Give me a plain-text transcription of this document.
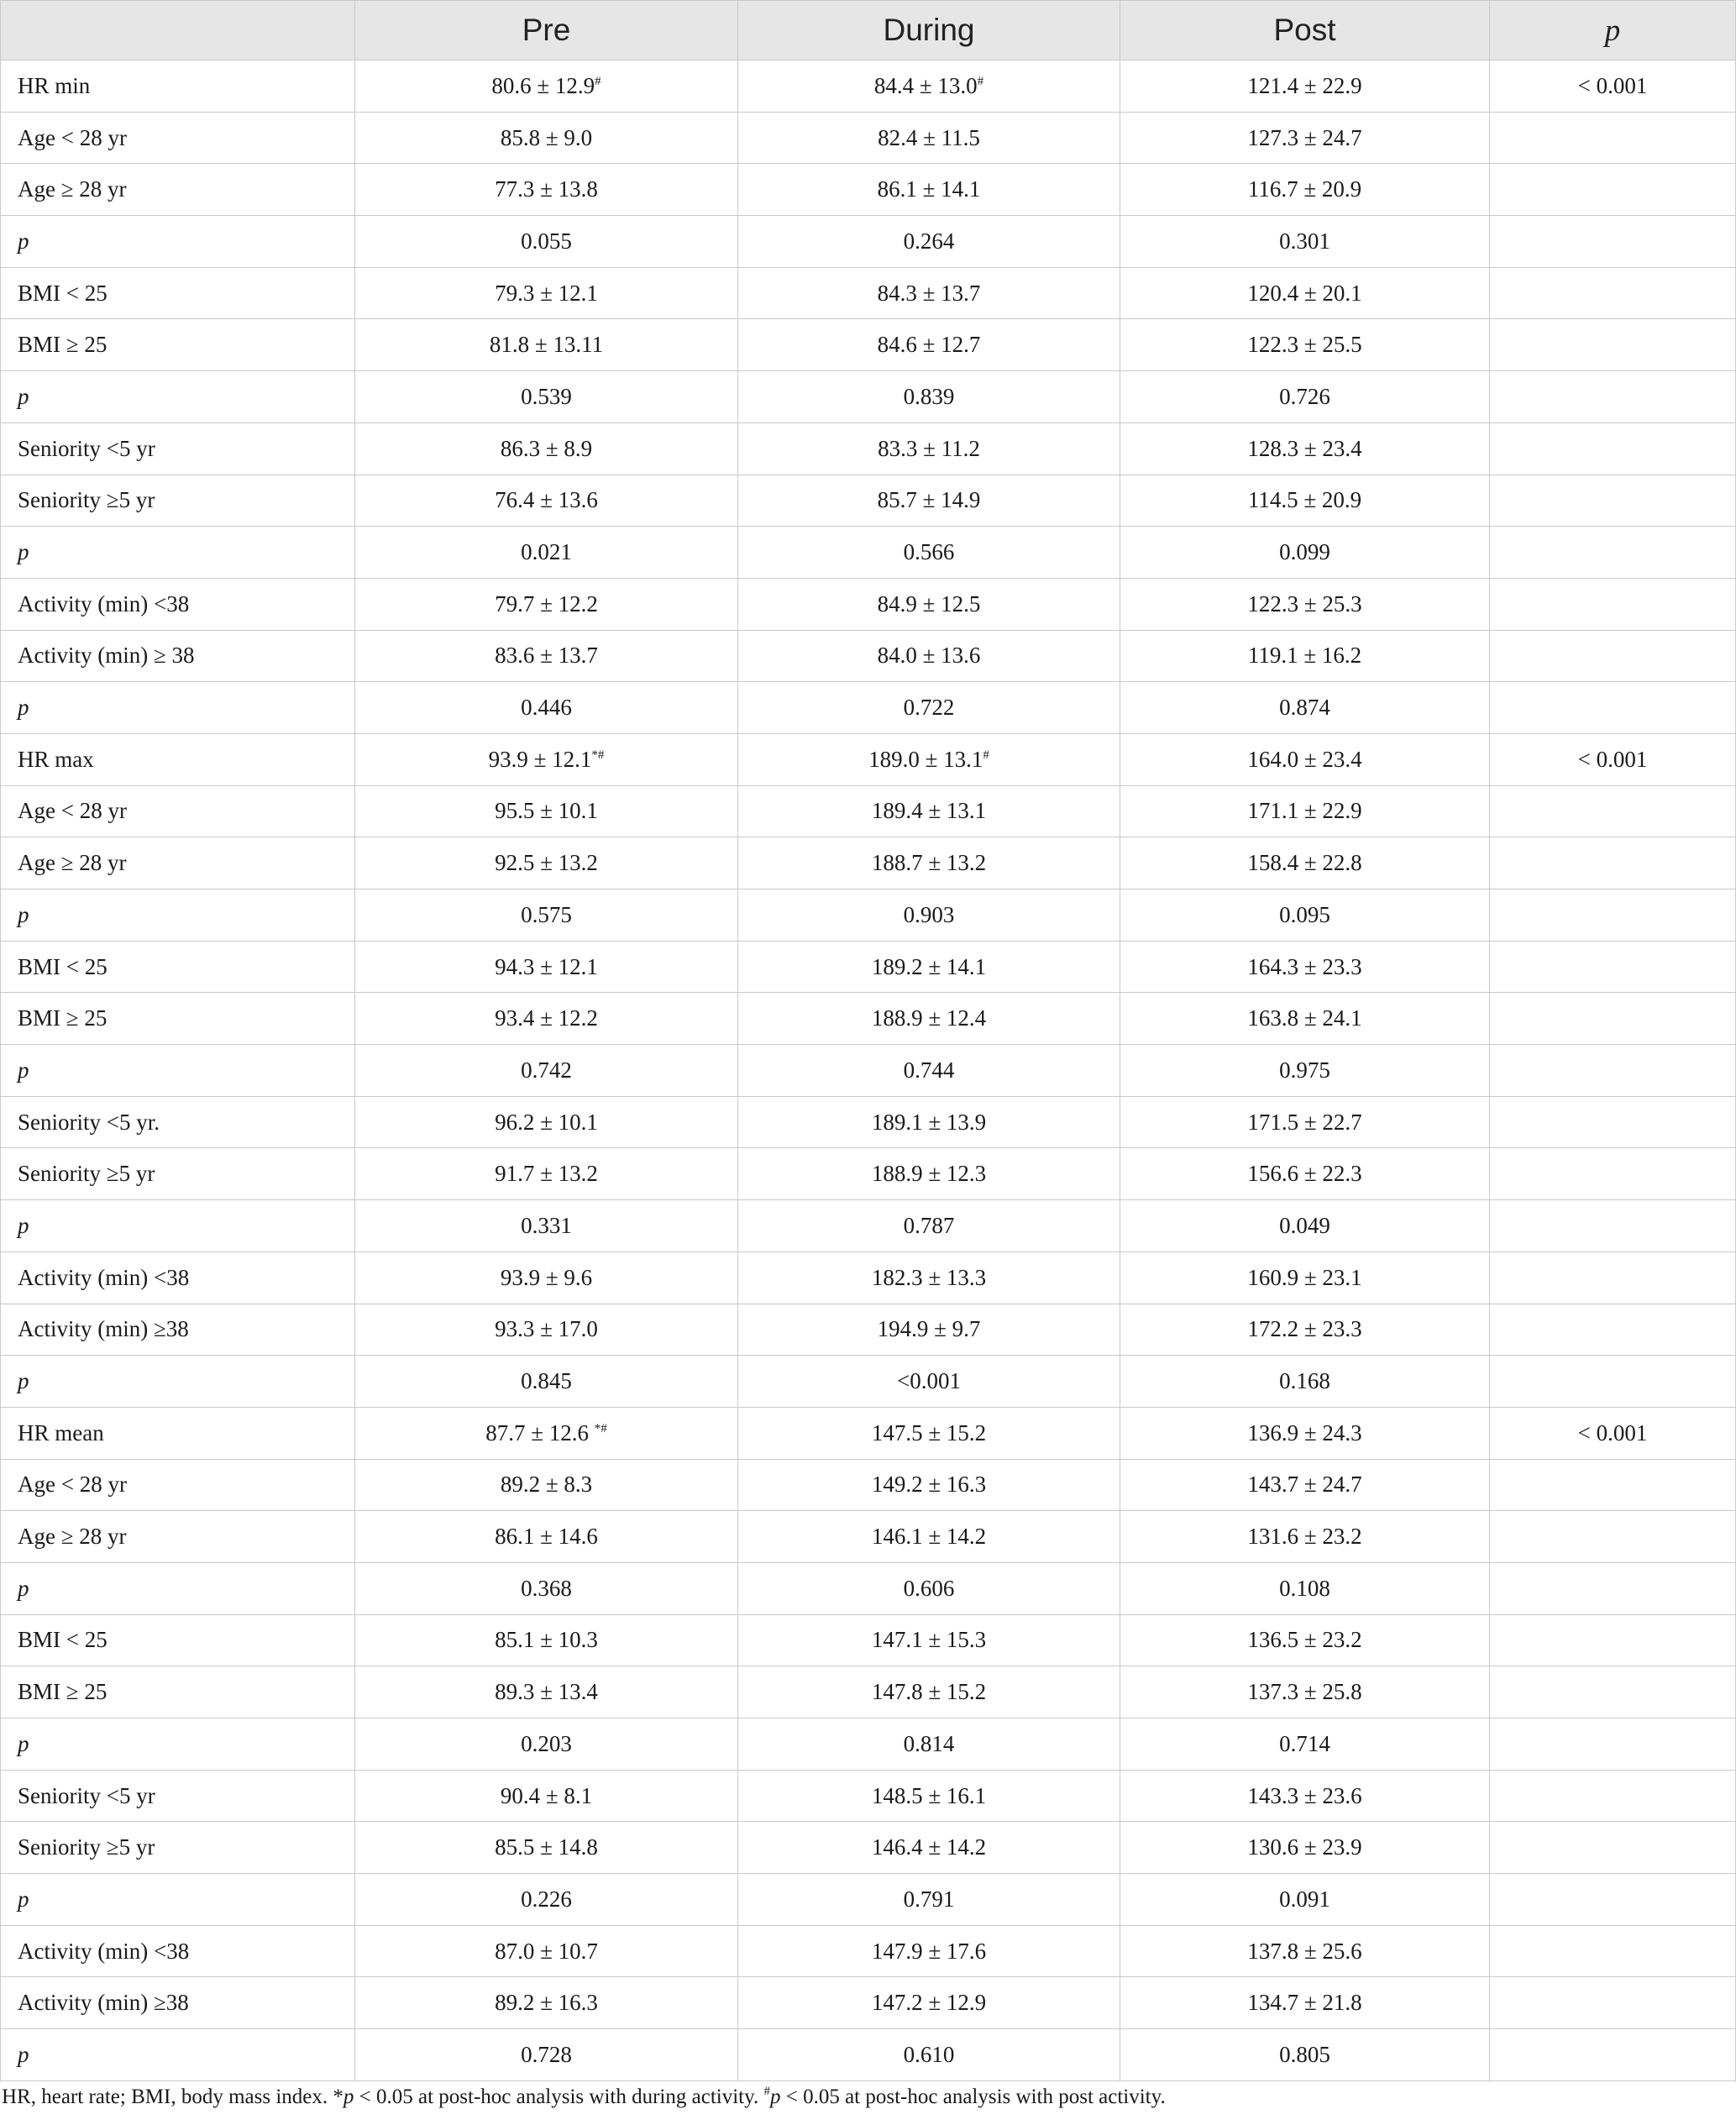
	Pre	During	Post	p
HR min	80.6 ± 12.9#	84.4 ± 13.0#	121.4 ± 22.9	< 0.001
Age < 28 yr	85.8 ± 9.0	82.4 ± 11.5	127.3 ± 24.7	
Age ≥ 28 yr	77.3 ± 13.8	86.1 ± 14.1	116.7 ± 20.9	
p	0.055	0.264	0.301	
BMI < 25	79.3 ± 12.1	84.3 ± 13.7	120.4 ± 20.1	
BMI ≥ 25	81.8 ± 13.11	84.6 ± 12.7	122.3 ± 25.5	
p	0.539	0.839	0.726	
Seniority <5 yr	86.3 ± 8.9	83.3 ± 11.2	128.3 ± 23.4	
Seniority ≥5 yr	76.4 ± 13.6	85.7 ± 14.9	114.5 ± 20.9	
p	0.021	0.566	0.099	
Activity (min) <38	79.7 ± 12.2	84.9 ± 12.5	122.3 ± 25.3	
Activity (min) ≥ 38	83.6 ± 13.7	84.0 ± 13.6	119.1 ± 16.2	
p	0.446	0.722	0.874	
HR max	93.9 ± 12.1*#	189.0 ± 13.1#	164.0 ± 23.4	< 0.001
Age < 28 yr	95.5 ± 10.1	189.4 ± 13.1	171.1 ± 22.9	
Age ≥ 28 yr	92.5 ± 13.2	188.7 ± 13.2	158.4 ± 22.8	
p	0.575	0.903	0.095	
BMI < 25	94.3 ± 12.1	189.2 ± 14.1	164.3 ± 23.3	
BMI ≥ 25	93.4 ± 12.2	188.9 ± 12.4	163.8 ± 24.1	
p	0.742	0.744	0.975	
Seniority <5 yr.	96.2 ± 10.1	189.1 ± 13.9	171.5 ± 22.7	
Seniority ≥5 yr	91.7 ± 13.2	188.9 ± 12.3	156.6 ± 22.3	
p	0.331	0.787	0.049	
Activity (min) <38	93.9 ± 9.6	182.3 ± 13.3	160.9 ± 23.1	
Activity (min) ≥38	93.3 ± 17.0	194.9 ± 9.7	172.2 ± 23.3	
p	0.845	<0.001	0.168	
HR mean	87.7 ± 12.6 *#	147.5 ± 15.2	136.9 ± 24.3	< 0.001
Age < 28 yr	89.2 ± 8.3	149.2 ± 16.3	143.7 ± 24.7	
Age ≥ 28 yr	86.1 ± 14.6	146.1 ± 14.2	131.6 ± 23.2	
p	0.368	0.606	0.108	
BMI < 25	85.1 ± 10.3	147.1 ± 15.3	136.5 ± 23.2	
BMI ≥ 25	89.3 ± 13.4	147.8 ± 15.2	137.3 ± 25.8	
p	0.203	0.814	0.714	
Seniority <5 yr	90.4 ± 8.1	148.5 ± 16.1	143.3 ± 23.6	
Seniority ≥5 yr	85.5 ± 14.8	146.4 ± 14.2	130.6 ± 23.9	
p	0.226	0.791	0.091	
Activity (min) <38	87.0 ± 10.7	147.9 ± 17.6	137.8 ± 25.6	
Activity (min) ≥38	89.2 ± 16.3	147.2 ± 12.9	134.7 ± 21.8	
p	0.728	0.610	0.805	
HR, heart rate; BMI, body mass index. *p < 0.05 at post-hoc analysis with during activity. #p < 0.05 at post-hoc analysis with post activity.
